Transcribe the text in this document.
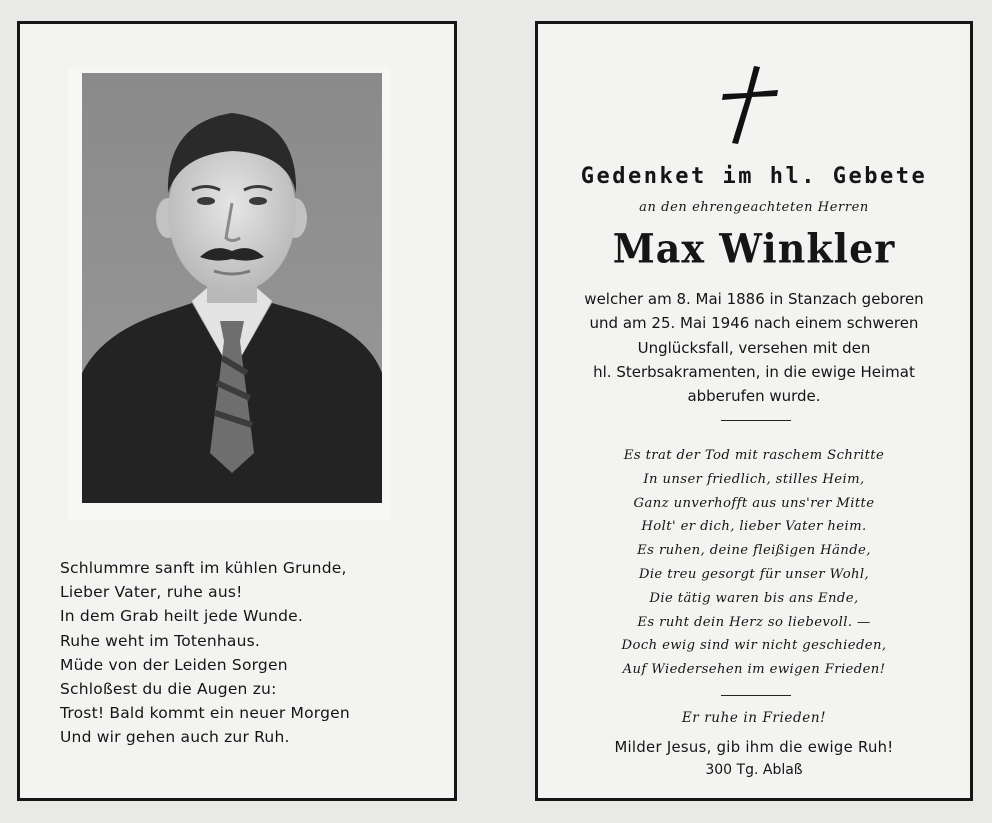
Schlummre sanft im kühlen Grunde,
Lieber Vater, ruhe aus!
In dem Grab heilt jede Wunde.
Ruhe weht im Totenhaus.
Müde von der Leiden Sorgen
Schloßest du die Augen zu:
Trost! Bald kommt ein neuer Morgen
Und wir gehen auch zur Ruh.
Gedenket im hl. Gebete
an den ehrengeachteten Herren
Max Winkler
welcher am 8. Mai 1886 in Stanzach geboren
und am 25. Mai 1946 nach einem schweren
Unglücksfall, versehen mit den
hl. Sterbsakramenten, in die ewige Heimat
abberufen wurde.
Es trat der Tod mit raschem Schritte
In unser friedlich, stilles Heim,
Ganz unverhofft aus uns'rer Mitte
Holt' er dich, lieber Vater heim.
Es ruhen, deine fleißigen Hände,
Die treu gesorgt für unser Wohl,
Die tätig waren bis ans Ende,
Es ruht dein Herz so liebevoll. —
Doch ewig sind wir nicht geschieden,
Auf Wiedersehen im ewigen Frieden!
Er ruhe in Frieden!
Milder Jesus, gib ihm die ewige Ruh!
300 Tg. Ablaß
